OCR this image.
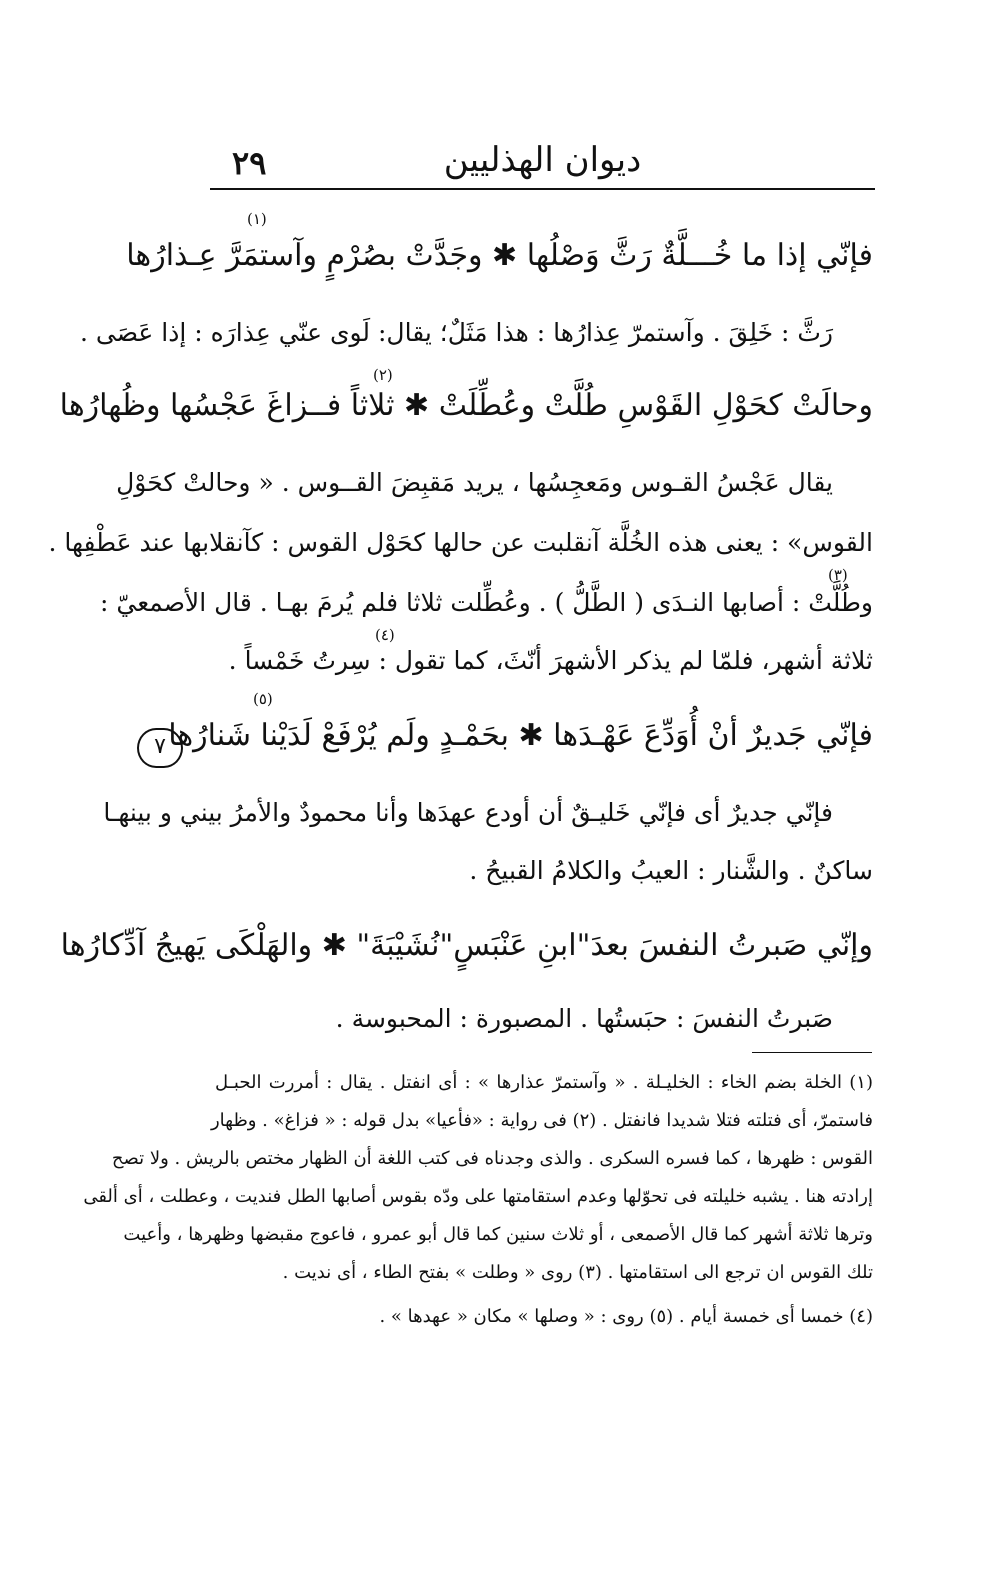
٢٩	ديوان الهذليين
(١)
(٢)
(٣)
(٤)
(٥)
فإنّي إذا ما خُـــلَّةٌ رَثَّ وَصْلُها ✱ وجَدَّتْ بصُرْمٍ وآستمَرَّ عِـذارُها
رَثَّ : خَلِقَ . وآستمرّ عِذارُها : هذا مَثَلٌ؛ يقال: لَوى عنّي عِذارَه : إذا عَصَى .
وحالَتْ كحَوْلِ القَوْسِ طُلَّتْ وعُطِّلَتْ ✱ ثلاثاً فــزاغَ عَجْسُها وظُهارُها
يقال عَجْسُ القـوس ومَعجِسُها ، يريد مَقبِضَ القــوس . « وحالتْ كحَوْلِ
القوس» : يعنى هذه الخُلَّة آنقلبت عن حالها كحَوْل القوس : كآنقلابها عند عَطْفِها .
وطُلَّتْ : أصابها النـدَى ( الطَّلُّ ) . وعُطِّلت ثلاثا فلم يُرمَ بهـا . قال الأصمعيّ :
ثلاثة أشهر، فلمّا لم يذكر الأشهرَ أنّثَ، كما تقول : سِرتُ خَمْساً .
٧ فإنّي جَديرٌ أنْ أُوَدِّعَ عَهْـدَها ✱ بحَمْـدٍ ولَم يُرْفَعْ لَدَيْنا شَنارُها
فإنّي جديرٌ أى فإنّي خَليـقٌ أن أودع عهدَها وأنا محمودٌ والأمرُ بيني و بينهـا
ساكنٌ . والشَّنار : العيبُ والكلامُ القبيحُ .
وإنّي صَبرتُ النفسَ بعدَ"ابنِ عَنْبَسٍ"نُشَيْبَةَ" ✱ والهَلْكَى يَهيجُ آدِّكارُها
صَبرتُ النفسَ : حبَستُها . المصبورة : المحبوسة .
(١) الخلة بضم الخاء : الخليـلة . « وآستمرّ عذارها » : أى انفتل . يقال : أمررت الحبـل
فاستمرّ، أى فتلته فتلا شديدا فانفتل . (٢) فى رواية : «فأعيا» بدل قوله : « فزاغ» . وظهار
القوس : ظهرها ، كما فسره السكرى . والذى وجدناه فى كتب اللغة أن الظهار مختص بالريش . ولا تصح
إرادته هنا . يشبه خليلته فى تحوّلها وعدم استقامتها على ودّه بقوس أصابها الطل فنديت ، وعطلت ، أى ألقى
وترها ثلاثة أشهر كما قال الأصمعى ، أو ثلاث سنين كما قال أبو عمرو ، فاعوج مقبضها وظهرها ، وأعيت
تلك القوس ان ترجع الى استقامتها . (٣) روى « وطلت » بفتح الطاء ، أى نديت .
(٤) خمسا أى خمسة أيام . (٥) روى : « وصلها » مكان « عهدها » .
